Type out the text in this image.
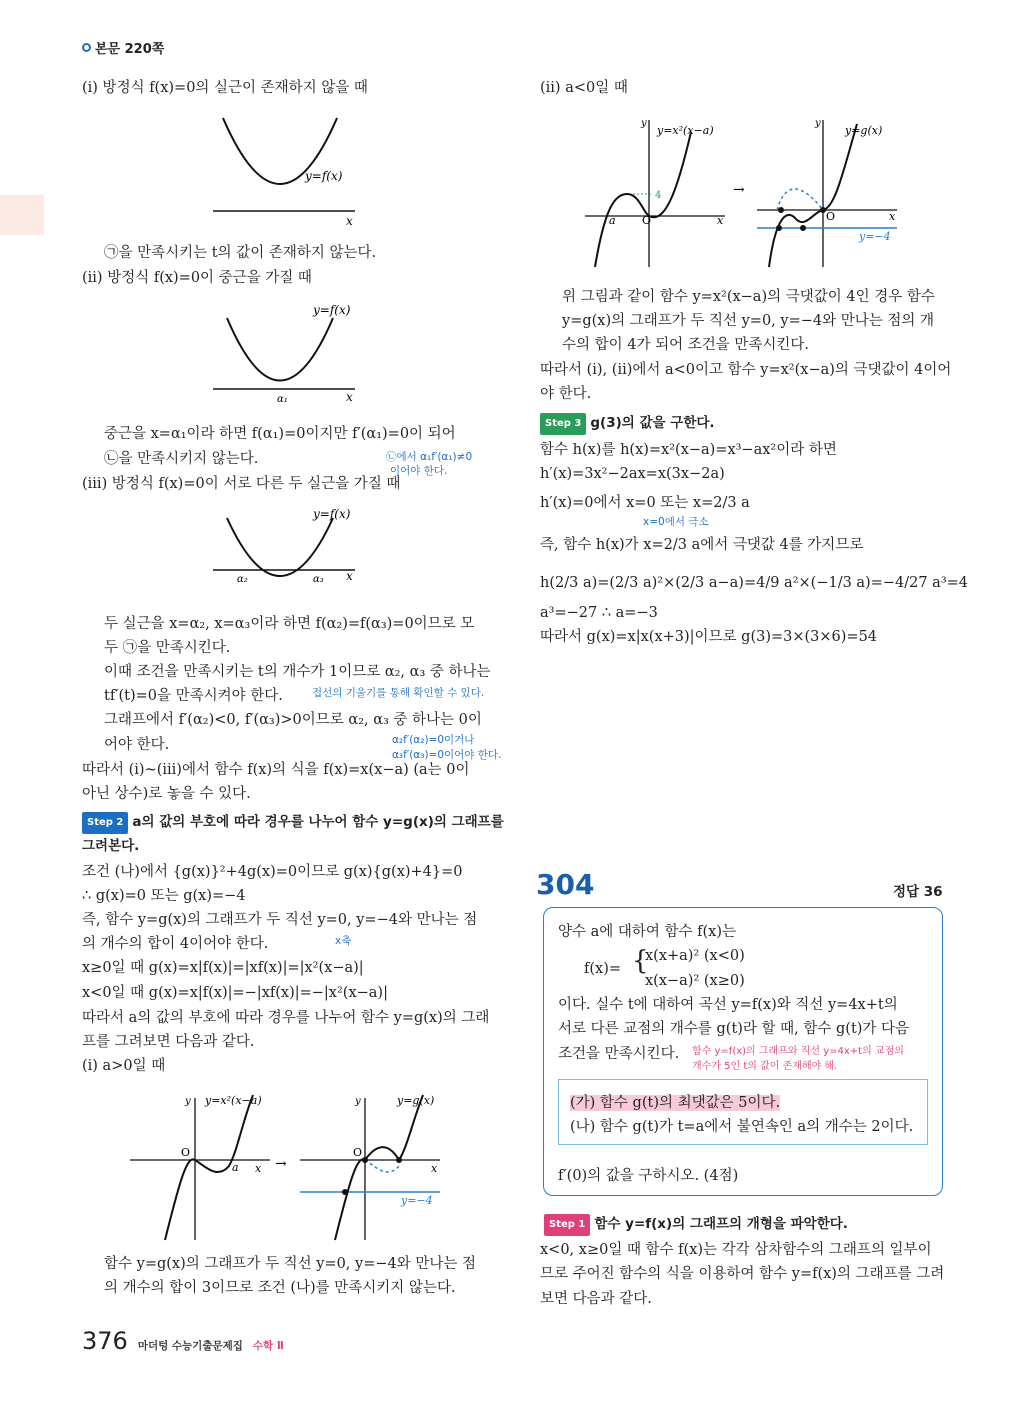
본문 220쪽
(i) 방정식 f(x)=0의 실근이 존재하지 않을 때
y=f(x)
x
㉠을 만족시키는 t의 값이 존재하지 않는다.
(ii) 방정식 f(x)=0이 중근을 가질 때
y=f(x)
x
α₁
중근을 x=α₁이라 하면 f(α₁)=0이지만 f′(α₁)=0이 되어
㉡을 만족시키지 않는다.	㉡에서 α₁f′(α₁)≠0
이어야 한다.
(iii) 방정식 f(x)=0이 서로 다른 두 실근을 가질 때
y=f(x)
x
α₂	α₃
두 실근을 x=α₂, x=α₃이라 하면 f(α₂)=f(α₃)=0이므로 모
두 ㉠을 만족시킨다.
이때 조건을 만족시키는 t의 개수가 1이므로 α₂, α₃ 중 하나는
tf′(t)=0을 만족시켜야 한다.	접선의 기울기를 통해 확인할 수 있다.
그래프에서 f′(α₂)<0, f′(α₃)>0이므로 α₂, α₃ 중 하나는 0이
어야 한다.	α₂f′(α₂)=0이거나
α₃f′(α₃)=0이어야 한다.
따라서 (i)~(iii)에서 함수 f(x)의 식을 f(x)=x(x−a) (a는 0이
아닌 상수)로 놓을 수 있다.
Step 2 a의 값의 부호에 따라 경우를 나누어 함수 y=g(x)의 그래프를
그려본다.
조건 (나)에서 {g(x)}²+4g(x)=0이므로 g(x){g(x)+4}=0
∴ g(x)=0 또는 g(x)=−4
즉, 함수 y=g(x)의 그래프가 두 직선 y=0, y=−4와 만나는 점
의 개수의 합이 4이어야 한다.	x축
x≥0일 때 g(x)=x|f(x)|=|xf(x)|=|x²(x−a)|
x<0일 때 g(x)=x|f(x)|=−|xf(x)|=−|x²(x−a)|
따라서 a의 값의 부호에 따라 경우를 나누어 함수 y=g(x)의 그래
프를 그려보면 다음과 같다.
(i) a>0일 때
y y=x²(x−a)
O
a x →
y	y=g(x)
O
x
y=−4
함수 y=g(x)의 그래프가 두 직선 y=0, y=−4와 만나는 점
의 개수의 합이 3이므로 조건 (나)를 만족시키지 않는다.
(ii) a<0일 때
y
y=x²(x−a)
4
a O	x
→
y
y=g(x)
O	x
y=−4
위 그림과 같이 함수 y=x²(x−a)의 극댓값이 4인 경우 함수
y=g(x)의 그래프가 두 직선 y=0, y=−4와 만나는 점의 개
수의 합이 4가 되어 조건을 만족시킨다.
따라서 (i), (ii)에서 a<0이고 함수 y=x²(x−a)의 극댓값이 4이어
야 한다.
Step 3 g(3)의 값을 구한다.
함수 h(x)를 h(x)=x²(x−a)=x³−ax²이라 하면
h′(x)=3x²−2ax=x(3x−2a)
h′(x)=0에서 x=0 또는 x=2/3 a
x=0에서 극소
즉, 함수 h(x)가 x=2/3 a에서 극댓값 4를 가지므로
h(2/3 a)=(2/3 a)²×(2/3 a−a)=4/9 a²×(−1/3 a)=−4/27 a³=4
a³=−27 ∴ a=−3
따라서 g(x)=x|x(x+3)|이므로 g(3)=3×(3×6)=54
304	정답 36
양수 a에 대하여 함수 f(x)는
f(x)= {
x(x+a)² (x<0)
x(x−a)² (x≥0)
이다. 실수 t에 대하여 곡선 y=f(x)와 직선 y=4x+t의
서로 다른 교점의 개수를 g(t)라 할 때, 함수 g(t)가 다음
조건을 만족시킨다. 함수 y=f(x)의 그래프와 직선 y=4x+t의 교점의
개수가 5인 t의 값이 존재해야 해.
(가) 함수 g(t)의 최댓값은 5이다.
(나) 함수 g(t)가 t=a에서 불연속인 a의 개수는 2이다.
f′(0)의 값을 구하시오. (4점)
Step 1 함수 y=f(x)의 그래프의 개형을 파악한다.
x<0, x≥0일 때 함수 f(x)는 각각 삼차함수의 그래프의 일부이
므로 주어진 함수의 식을 이용하여 함수 y=f(x)의 그래프를 그려
보면 다음과 같다.
376 마더텅 수능기출문제집 수학 Ⅱ
